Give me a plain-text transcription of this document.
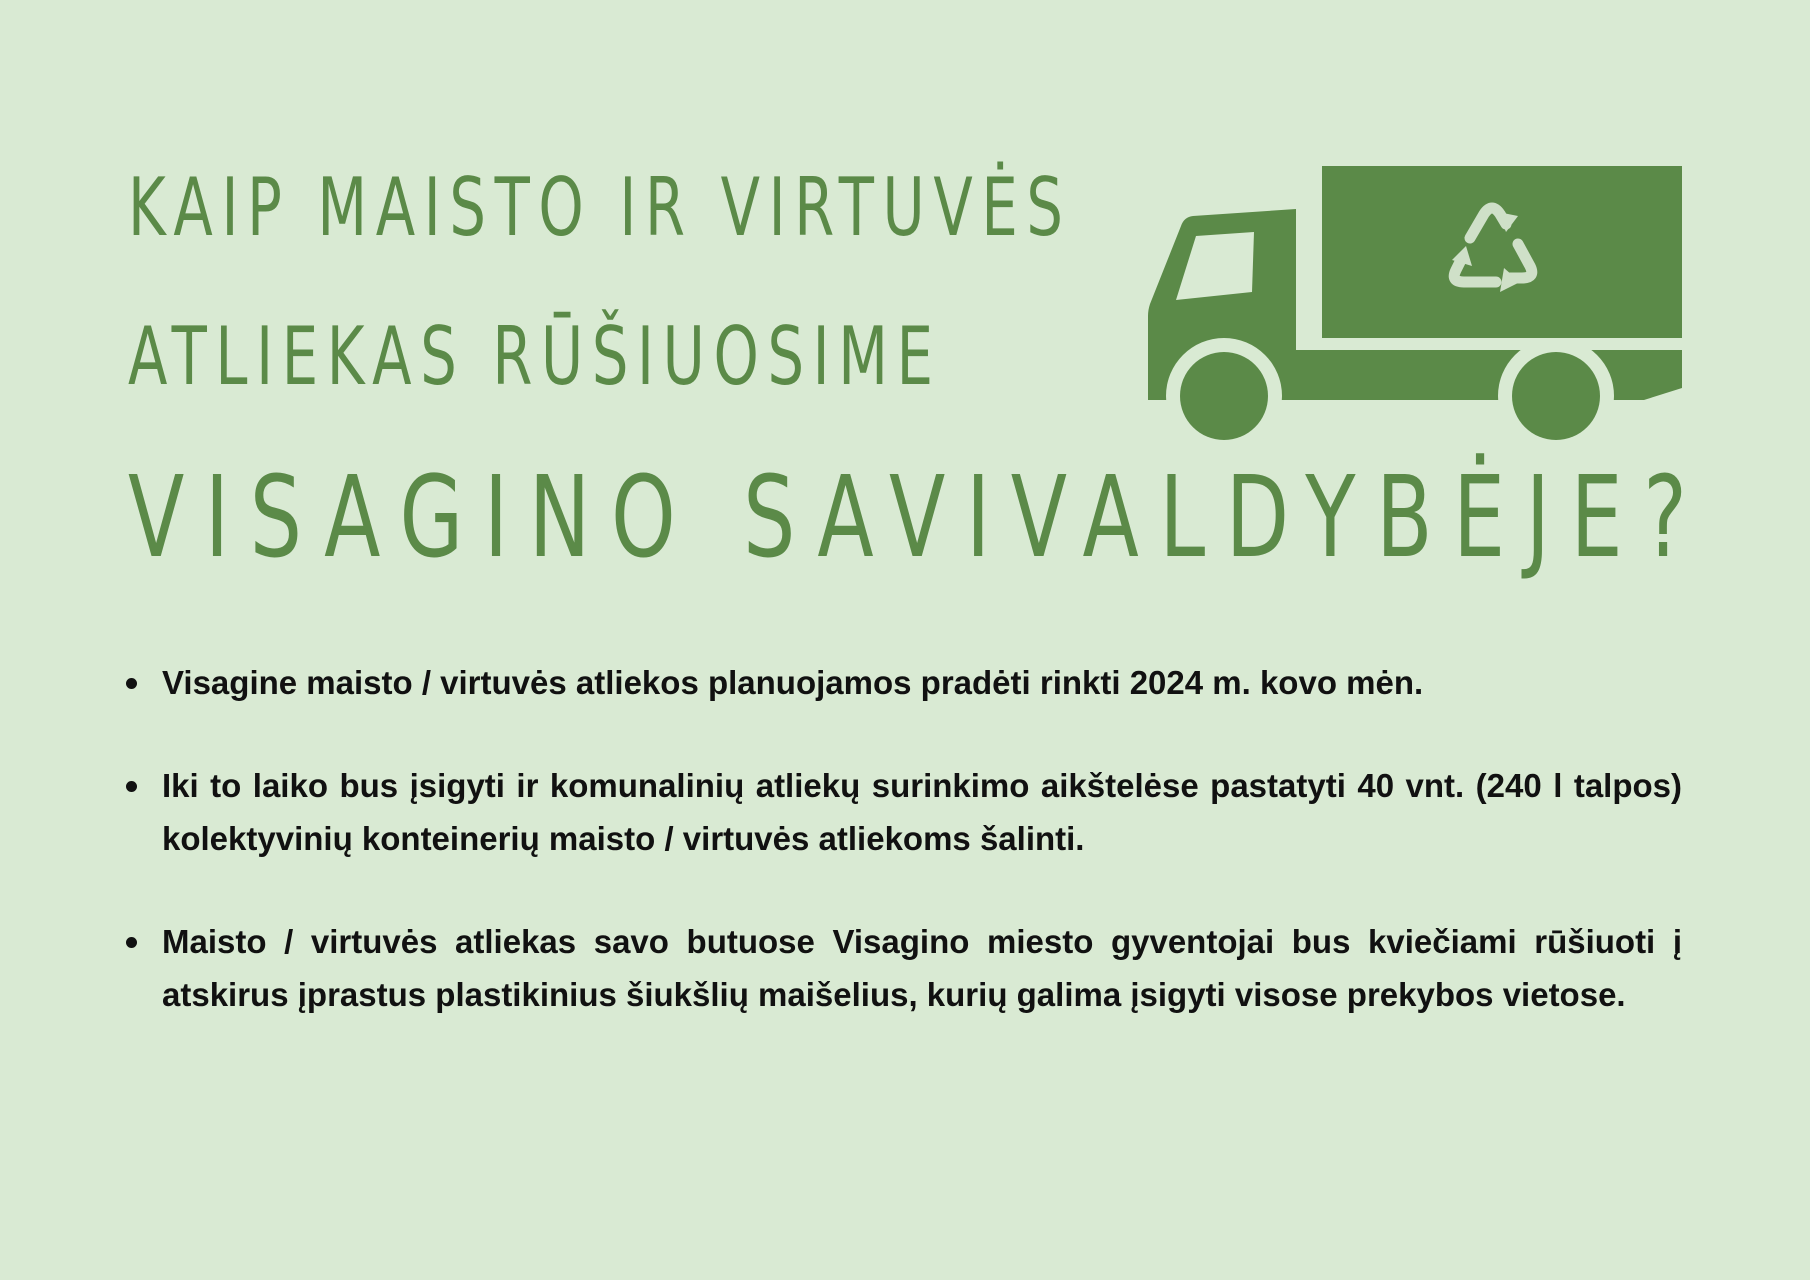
KAIP MAISTO IR VIRTUVĖS
ATLIEKAS RŪŠIUOSIME
VISAGINO SAVIVALDYBĖJE?
Visagine maisto / virtuvės atliekos planuojamos pradėti rinkti 2024 m. kovo mėn.
Iki to laiko bus įsigyti ir komunalinių atliekų surinkimo aikštelėse pastatyti 40 vnt. (240 l talpos) kolektyvinių konteinerių maisto / virtuvės atliekoms šalinti.
Maisto / virtuvės atliekas savo butuose Visagino miesto gyventojai bus kviečiami rūšiuoti į atskirus įprastus plastikinius šiukšlių maišelius, kurių galima įsigyti visose prekybos vietose.
